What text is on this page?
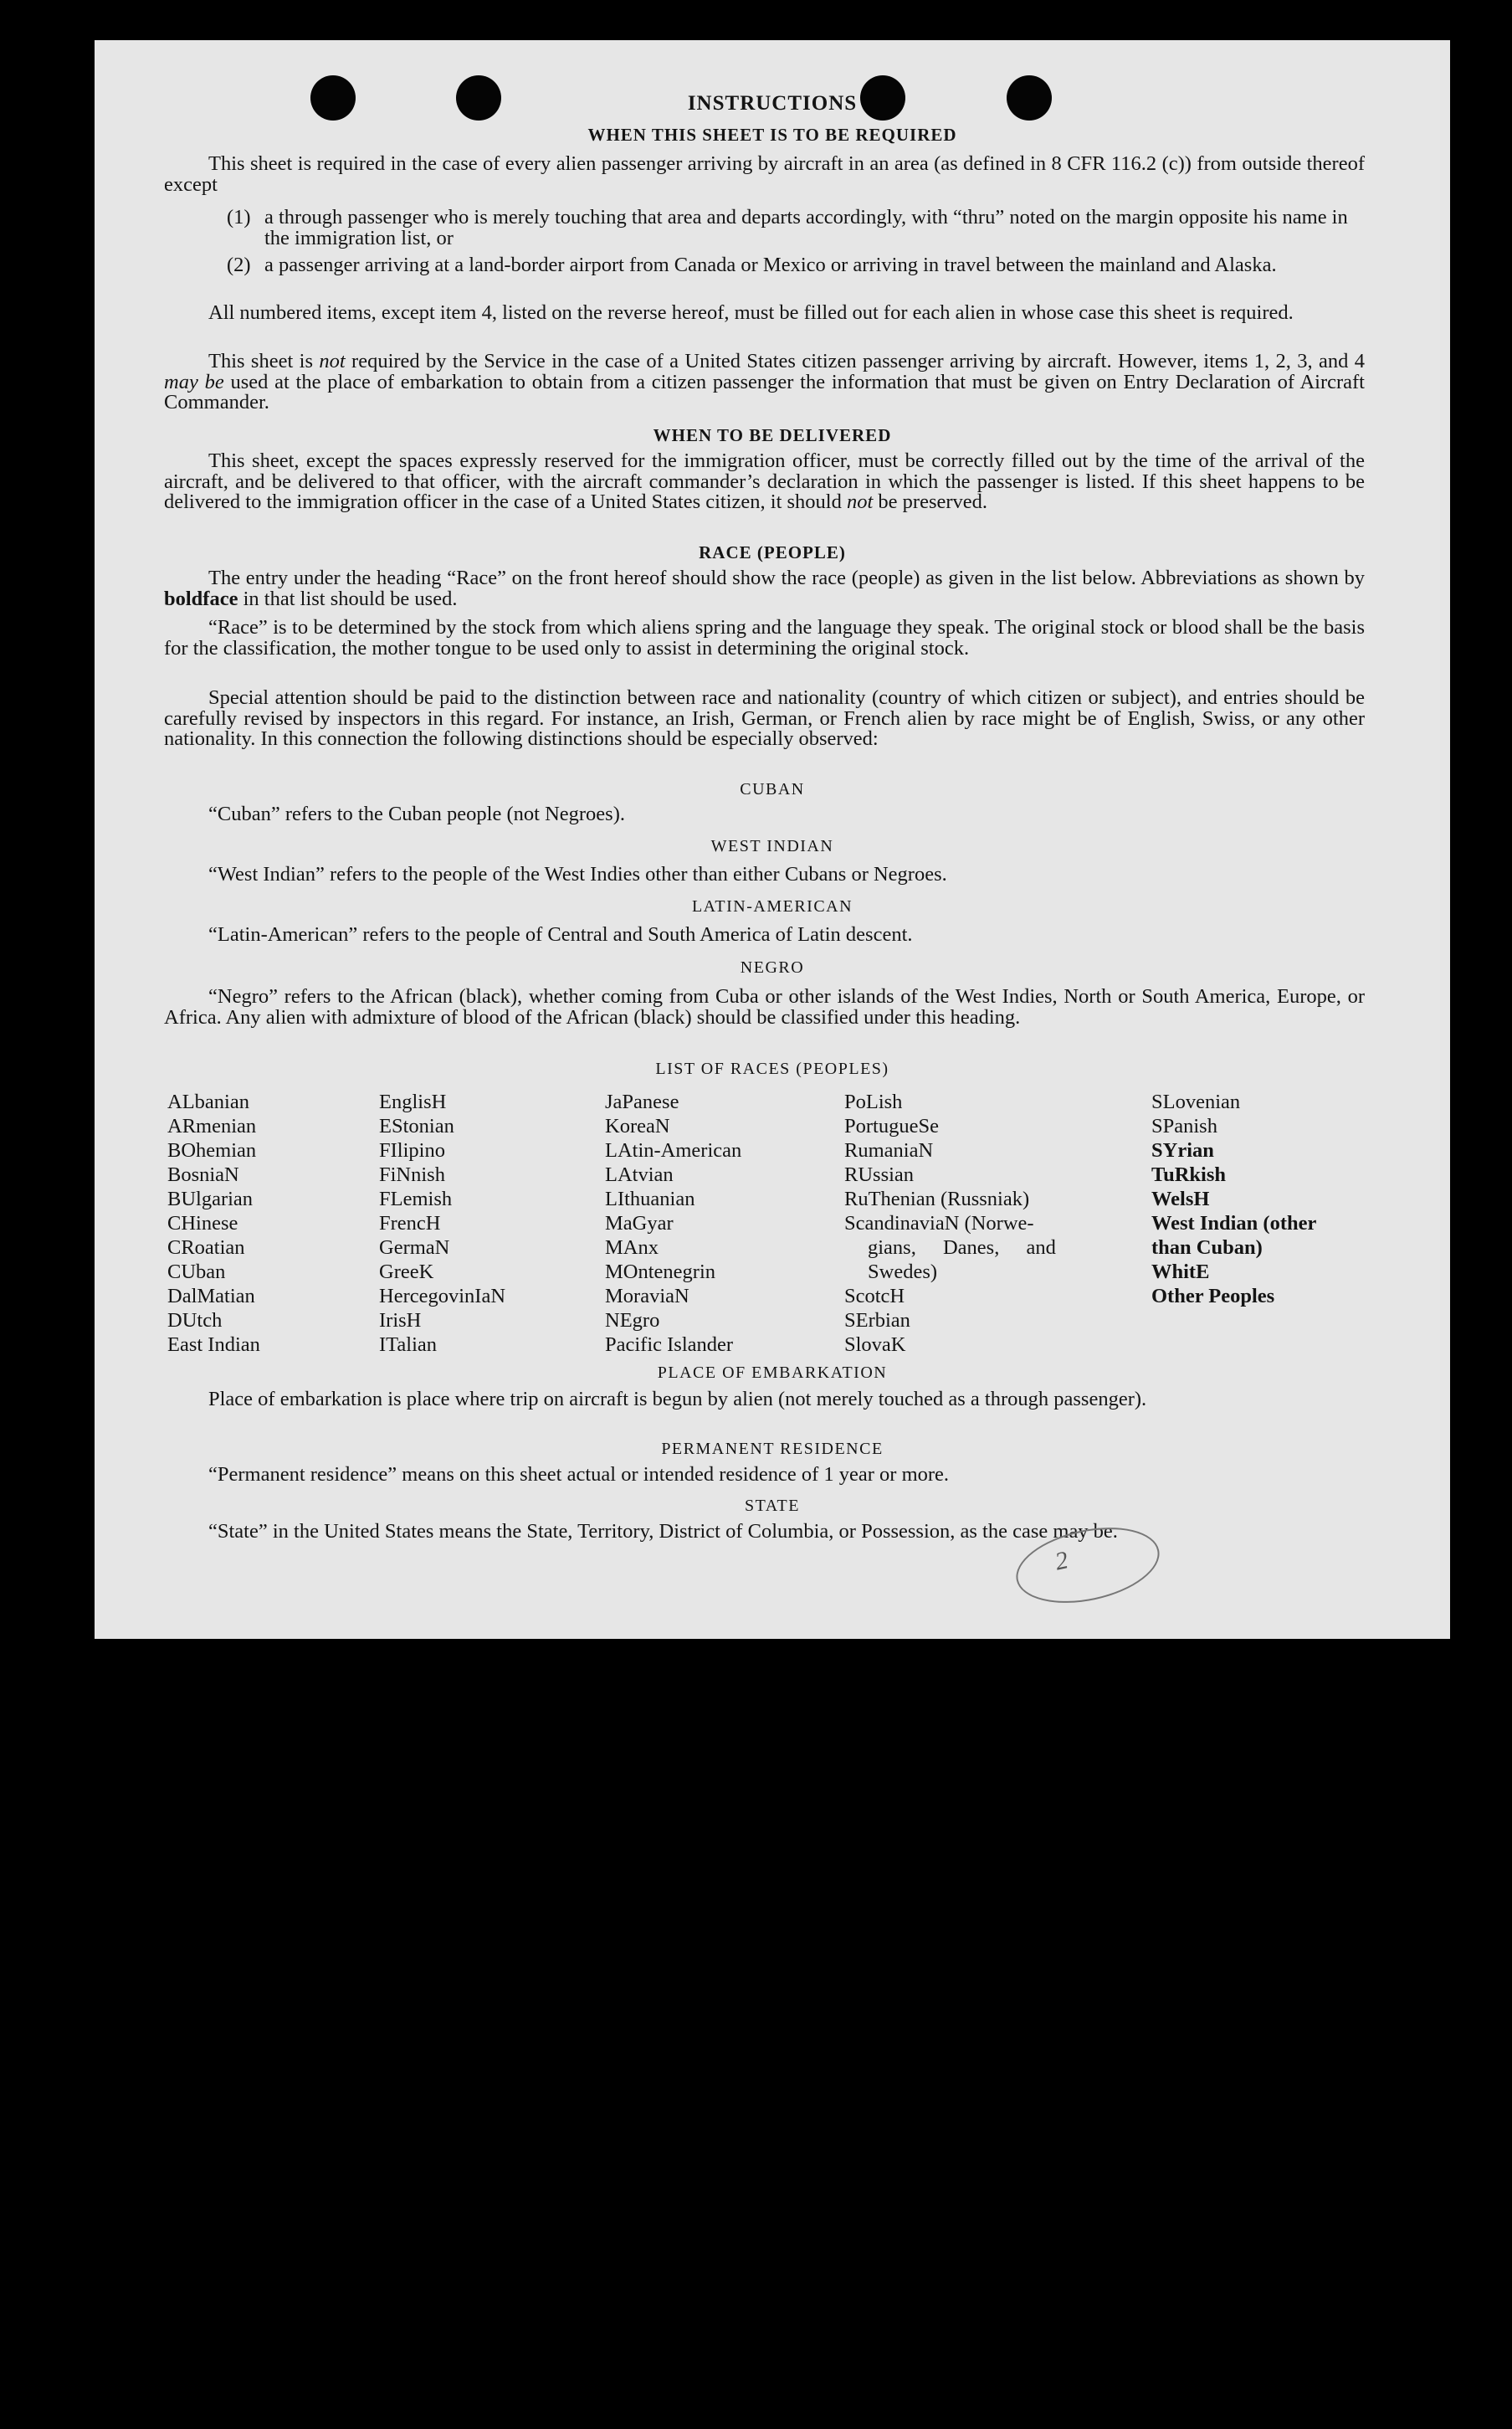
INSTRUCTIONS
WHEN THIS SHEET IS TO BE REQUIRED

This sheet is required in the case of every alien passenger arriving by aircraft in an area (as defined in 8 CFR 116.2 (c)) from outside thereof except

(1) a through passenger who is merely touching that area and departs accordingly, with “thru” noted on the margin opposite his name in the immigration list, or

(2) a passenger arriving at a land-border airport from Canada or Mexico or arriving in travel between the mainland and Alaska.

All numbered items, except item 4, listed on the reverse hereof, must be filled out for each alien in whose case this sheet is required.

This sheet is not required by the Service in the case of a United States citizen passenger arriving by aircraft. However, items 1, 2, 3, and 4 may be used at the place of embarkation to obtain from a citizen passenger the information that must be given on Entry Declaration of Aircraft Commander.

WHEN TO BE DELIVERED

This sheet, except the spaces expressly reserved for the immigration officer, must be correctly filled out by the time of the arrival of the aircraft, and be delivered to that officer, with the aircraft commander’s declaration in which the passenger is listed. If this sheet happens to be delivered to the immigration officer in the case of a United States citizen, it should not be preserved.

RACE (PEOPLE)

The entry under the heading “Race” on the front hereof should show the race (people) as given in the list below. Abbreviations as shown by boldface in that list should be used.

“Race” is to be determined by the stock from which aliens spring and the language they speak. The original stock or blood shall be the basis for the classification, the mother tongue to be used only to assist in determining the original stock.

Special attention should be paid to the distinction between race and nationality (country of which citizen or subject), and entries should be carefully revised by inspectors in this regard. For instance, an Irish, German, or French alien by race might be of English, Swiss, or any other nationality. In this connection the following distinctions should be especially observed:

CUBAN

“Cuban” refers to the Cuban people (not Negroes).

WEST INDIAN

“West Indian” refers to the people of the West Indies other than either Cubans or Negroes.

LATIN-AMERICAN

“Latin-American” refers to the people of Central and South America of Latin descent.

NEGRO

“Negro” refers to the African (black), whether coming from Cuba or other islands of the West Indies, North or South America, Europe, or Africa. Any alien with admixture of blood of the African (black) should be classified under this heading.

LIST OF RACES (PEOPLES)
ALbanian
ARmenian
BOhemian
BosniaN
BUlgarian
CHinese
CRoatian
CUban
DalMatian
DUtch
East Indian
EnglisH
EStonian
FIlipino
FiNnish
FLemish
FrencH
GermaN
GreeK
HercegovinIaN
IrisH
ITalian
JaPanese
KoreaN
LAtin-American
LAtvian
LIthuanian
MaGyar
MAnx
MOntenegrin
MoraviaN
NEgro
Pacific Islander
PoLish
PortugueSe
RumaniaN
RUssian
RuThenian (Russniak)
ScandinaviaN (Norwe-
gians, Danes, and
Swedes)
ScotcH
SErbian
SlovaK
SLovenian
SPanish
SYrian
TuRkish
WelsH
West Indian (other
than Cuban)
WhitE
Other Peoples
PLACE OF EMBARKATION

Place of embarkation is place where trip on aircraft is begun by alien (not merely touched as a through passenger).

PERMANENT RESIDENCE

“Permanent residence” means on this sheet actual or intended residence of 1 year or more.

STATE

“State” in the United States means the State, Territory, District of Columbia, or Possession, as the case may be.

2
